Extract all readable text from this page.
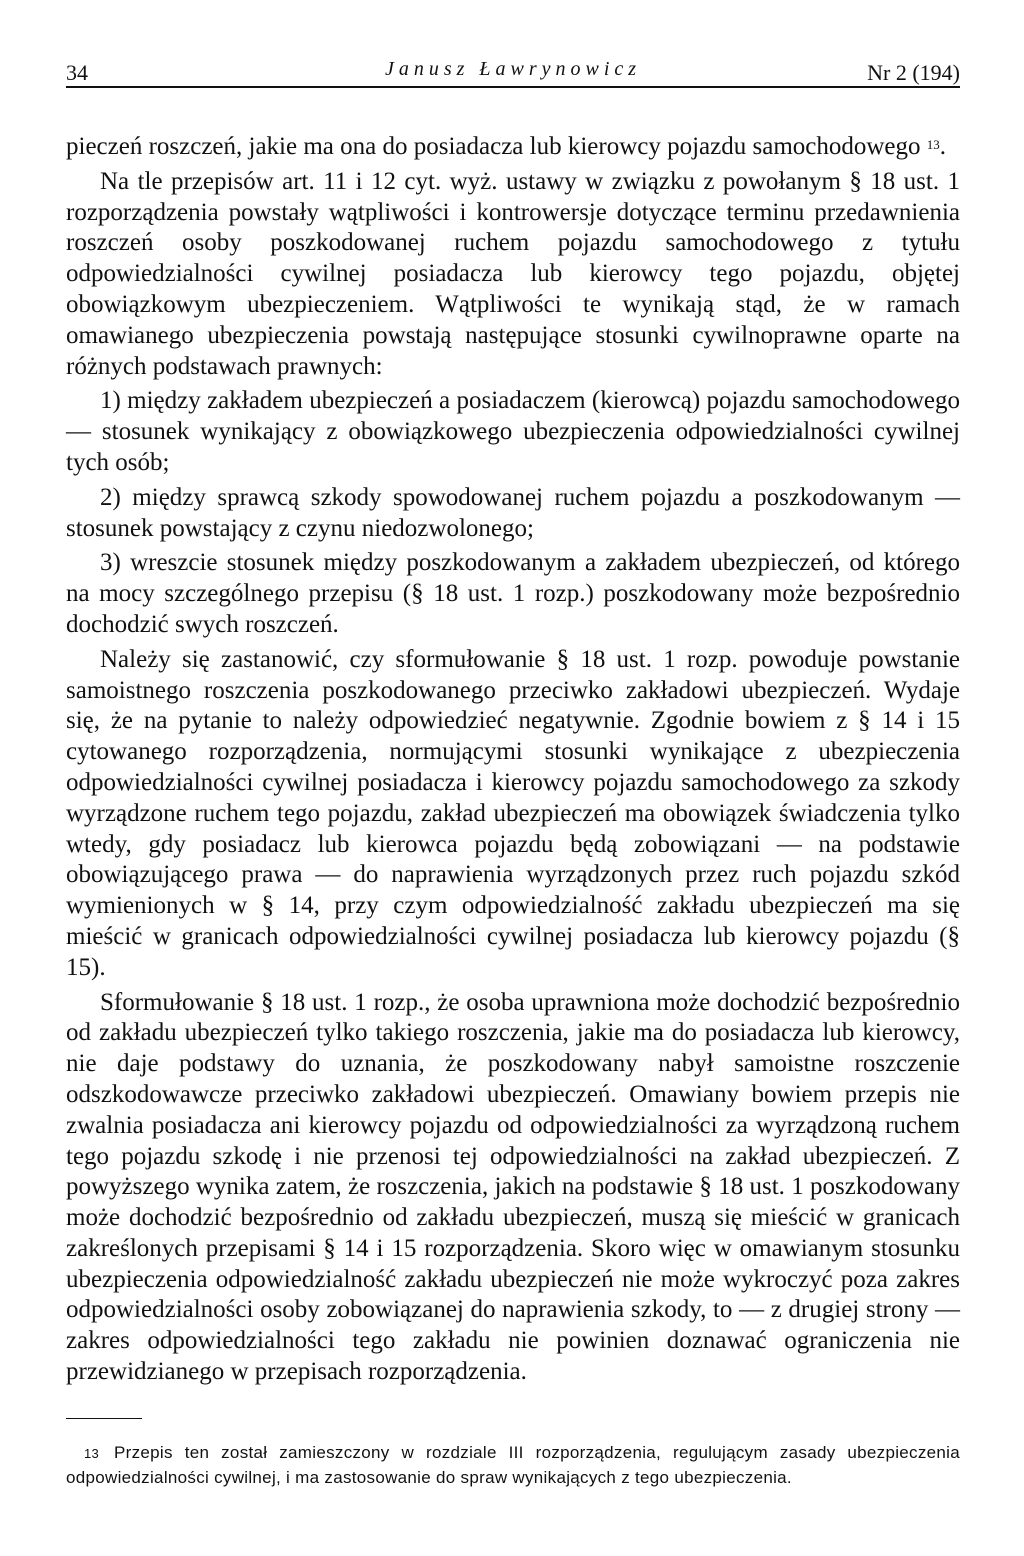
34	Janusz Ławrynowicz	Nr 2 (194)

pieczeń roszczeń, jakie ma ona do posiadacza lub kierowcy pojazdu samochodowego $^{13}$.

Na tle przepisów art. 11 i 12 cyt. wyż. ustawy w związku z powołanym § 18 ust. 1 rozporządzenia powstały wątpliwości i kontrowersje dotyczące terminu przedawnienia roszczeń osoby poszkodowanej ruchem pojazdu samochodowego z tytułu odpowiedzialności cywilnej posiadacza lub kierowcy tego pojazdu, objętej obowiązkowym ubezpieczeniem. Wątpliwości te wynikają stąd, że w ramach omawianego ubezpieczenia powstają następujące stosunki cywilnoprawne oparte na różnych podstawach prawnych:

1) między zakładem ubezpieczeń a posiadaczem (kierowcą) pojazdu samochodowego — stosunek wynikający z obowiązkowego ubezpieczenia odpowiedzialności cywilnej tych osób;

2) między sprawcą szkody spowodowanej ruchem pojazdu a poszkodowanym — stosunek powstający z czynu niedozwolonego;

3) wreszcie stosunek między poszkodowanym a zakładem ubezpieczeń, od którego na mocy szczególnego przepisu (§ 18 ust. 1 rozp.) poszkodowany może bezpośrednio dochodzić swych roszczeń.

Należy się zastanowić, czy sformułowanie § 18 ust. 1 rozp. powoduje powstanie samoistnego roszczenia poszkodowanego przeciwko zakładowi ubezpieczeń. Wydaje się, że na pytanie to należy odpowiedzieć negatywnie. Zgodnie bowiem z § 14 i 15 cytowanego rozporządzenia, normującymi stosunki wynikające z ubezpieczenia odpowiedzialności cywilnej posiadacza i kierowcy pojazdu samochodowego za szkody wyrządzone ruchem tego pojazdu, zakład ubezpieczeń ma obowiązek świadczenia tylko wtedy, gdy posiadacz lub kierowca pojazdu będą zobowiązani — na podstawie obowiązującego prawa — do naprawienia wyrządzonych przez ruch pojazdu szkód wymienionych w § 14, przy czym odpowiedzialność zakładu ubezpieczeń ma się mieścić w granicach odpowiedzialności cywilnej posiadacza lub kierowcy pojazdu (§ 15).

Sformułowanie § 18 ust. 1 rozp., że osoba uprawniona może dochodzić bezpośrednio od zakładu ubezpieczeń tylko takiego roszczenia, jakie ma do posiadacza lub kierowcy, nie daje podstawy do uznania, że poszkodowany nabył samoistne roszczenie odszkodowawcze przeciwko zakładowi ubezpieczeń. Omawiany bowiem przepis nie zwalnia posiadacza ani kierowcy pojazdu od odpowiedzialności za wyrządzoną ruchem tego pojazdu szkodę i nie przenosi tej odpowiedzialności na zakład ubezpieczeń. Z powyższego wynika zatem, że roszczenia, jakich na podstawie § 18 ust. 1 poszkodowany może dochodzić bezpośrednio od zakładu ubezpieczeń, muszą się mieścić w granicach zakreślonych przepisami § 14 i 15 rozporządzenia. Skoro więc w omawianym stosunku ubezpieczenia odpowiedzialność zakładu ubezpieczeń nie może wykroczyć poza zakres odpowiedzialności osoby zobowiązanej do naprawienia szkody, to — z drugiej strony — zakres odpowiedzialności tego zakładu nie powinien doznawać ograniczenia nie przewidzianego w przepisach rozporządzenia.

13 Przepis ten został zamieszczony w rozdziale III rozporządzenia, regulującym zasady ubezpieczenia odpowiedzialności cywilnej, i ma zastosowanie do spraw wynikających z tego ubezpieczenia.
